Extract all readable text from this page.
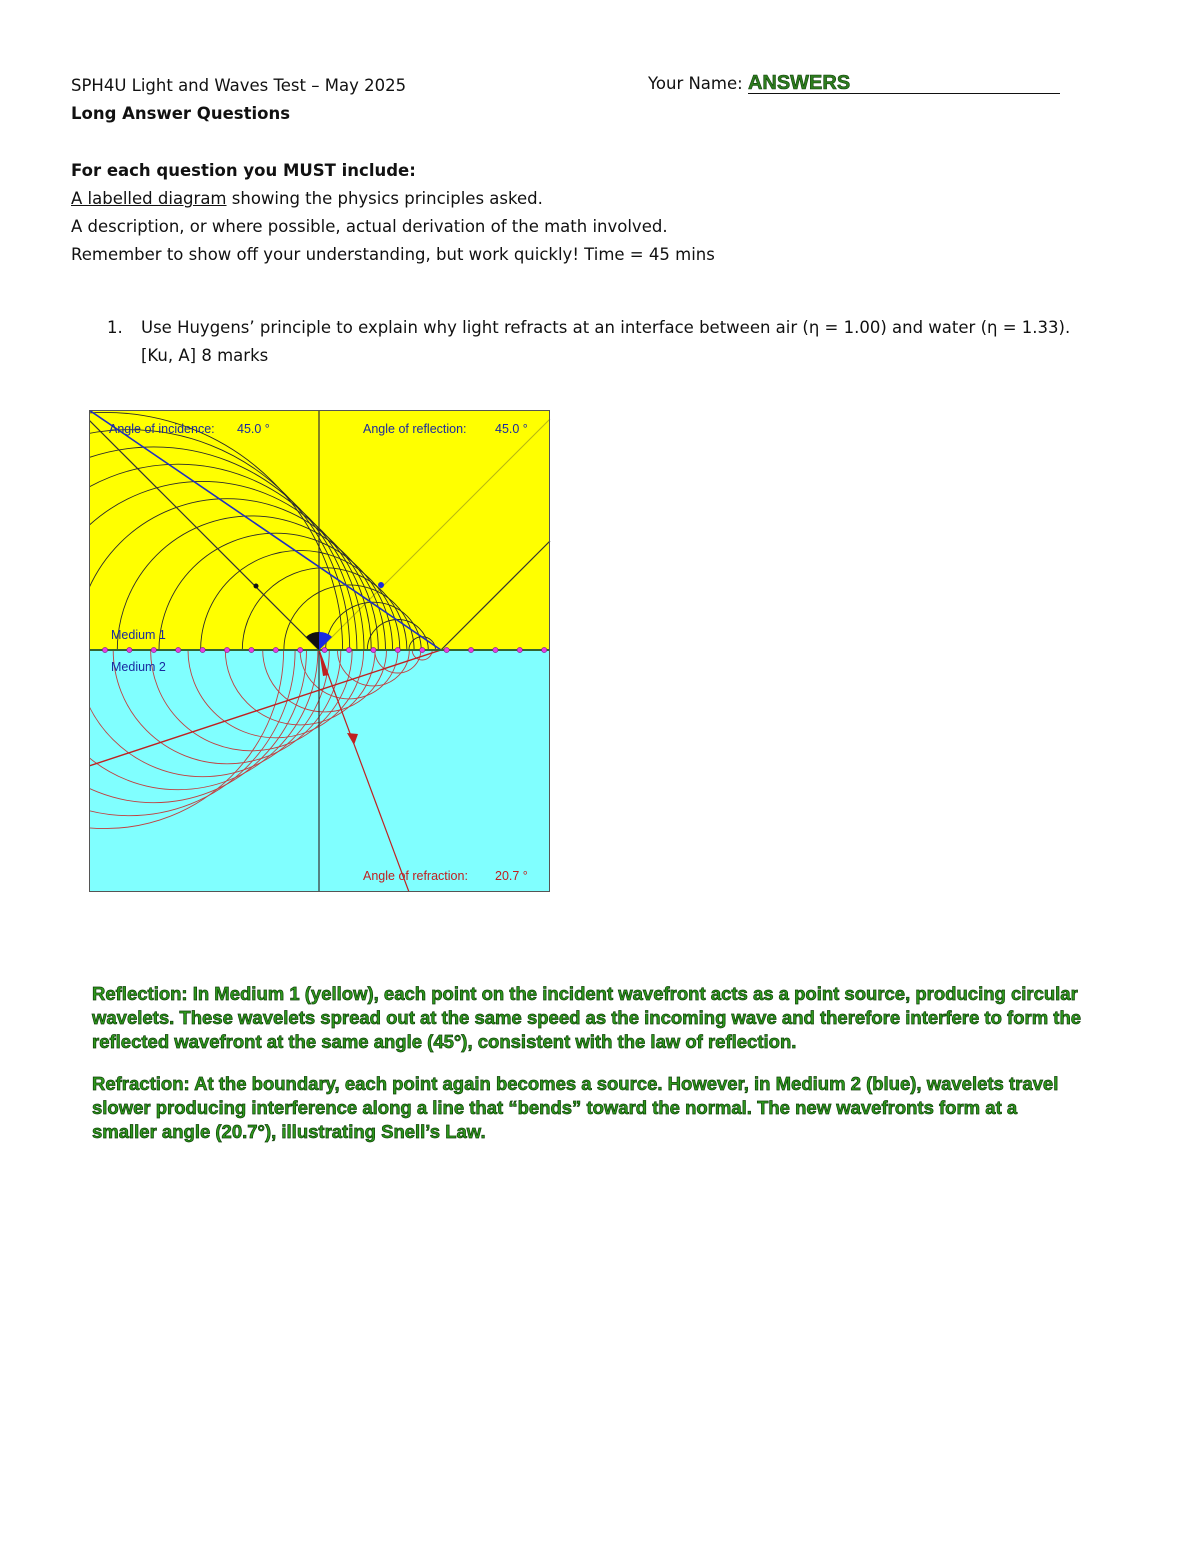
SPH4U Light and Waves Test – May 2025	Your Name: ANSWERS
Long Answer Questions
For each question you MUST include:
A labelled diagram showing the physics principles asked.
A description, or where possible, actual derivation of the math involved.
Remember to show off your understanding, but work quickly! Time = 45 mins
1. Use Huygens’ principle to explain why light refracts at an interface between air (η = 1.00) and water (η = 1.33).
[Ku, A] 8 marks
Angle of incidence: 45.0 °	Angle of reflection: 45.0 °
Medium 1
Medium 2
Angle of refraction: 20.7 °

Reflection: In Medium 1 (yellow), each point on the incident wavefront acts as a point source, producing circular wavelets. These wavelets spread out at the same speed as the incoming wave and therefore interfere to form the reflected wavefront at the same angle (45°), consistent with the law of reflection.

Refraction: At the boundary, each point again becomes a source. However, in Medium 2 (blue), wavelets travel slower producing interference along a line that “bends” toward the normal. The new wavefronts form at a smaller angle (20.7°), illustrating Snell’s Law.
